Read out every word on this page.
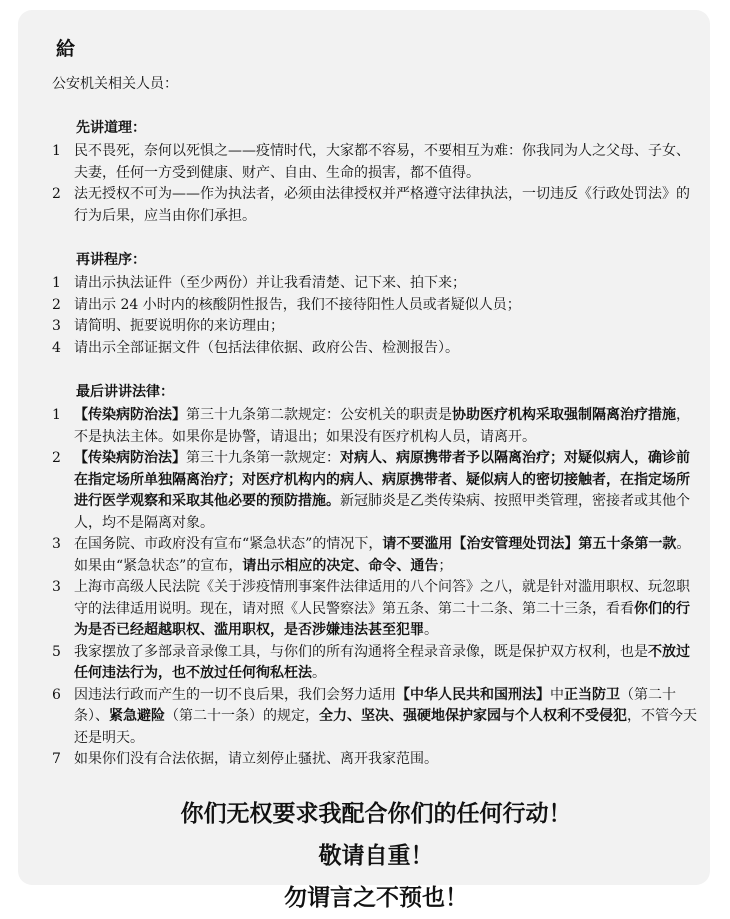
給
公安机关相关人员：
先讲道理：
1 民不畏死，奈何以死惧之——疫情时代，大家都不容易，不要相互为难：你我同为人之父母、子女、夫妻，任何一方受到健康、财产、自由、生命的损害，都不值得。
2 法无授权不可为——作为执法者，必须由法律授权并严格遵守法律执法，一切违反《行政处罚法》的行为后果，应当由你们承担。
再讲程序：
1 请出示执法证件（至少两份）并让我看清楚、记下来、拍下来；
2 请出示 24 小时内的核酸阴性报告，我们不接待阳性人员或者疑似人员；
3 请简明、扼要说明你的来访理由；
4 请出示全部证据文件（包括法律依据、政府公告、检测报告）。
最后讲讲法律：
1 【传染病防治法】第三十九条第二款规定：公安机关的职责是协助医疗机构采取强制隔离治疗措施，不是执法主体。如果你是协警，请退出；如果没有医疗机构人员，请离开。
2 【传染病防治法】第三十九条第一款规定：对病人、病原携带者予以隔离治疗；对疑似病人，确诊前在指定场所单独隔离治疗；对医疗机构内的病人、病原携带者、疑似病人的密切接触者，在指定场所进行医学观察和采取其他必要的预防措施。新冠肺炎是乙类传染病、按照甲类管理，密接者或其他个人，均不是隔离对象。
3 在国务院、市政府没有宣布“紧急状态”的情况下，请不要滥用【治安管理处罚法】第五十条第一款。如果由“紧急状态”的宣布，请出示相应的决定、命令、通告；
3 上海市高级人民法院《关于涉疫情刑事案件法律适用的八个问答》之八，就是针对滥用职权、玩忽职守的法律适用说明。现在，请对照《人民警察法》第五条、第二十二条、第二十三条，看看你们的行为是否已经超越职权、滥用职权，是否涉嫌违法甚至犯罪。
5 我家摆放了多部录音录像工具，与你们的所有沟通将全程录音录像，既是保护双方权利，也是不放过任何违法行为，也不放过任何徇私枉法。
6 因违法行政而产生的一切不良后果，我们会努力适用【中华人民共和国刑法】中正当防卫（第二十条）、紧急避险（第二十一条）的规定，全力、坚决、强硬地保护家园与个人权利不受侵犯，不管今天还是明天。
7 如果你们没有合法依据，请立刻停止骚扰、离开我家范围。
你们无权要求我配合你们的任何行动！
敬请自重！
勿谓言之不预也！
